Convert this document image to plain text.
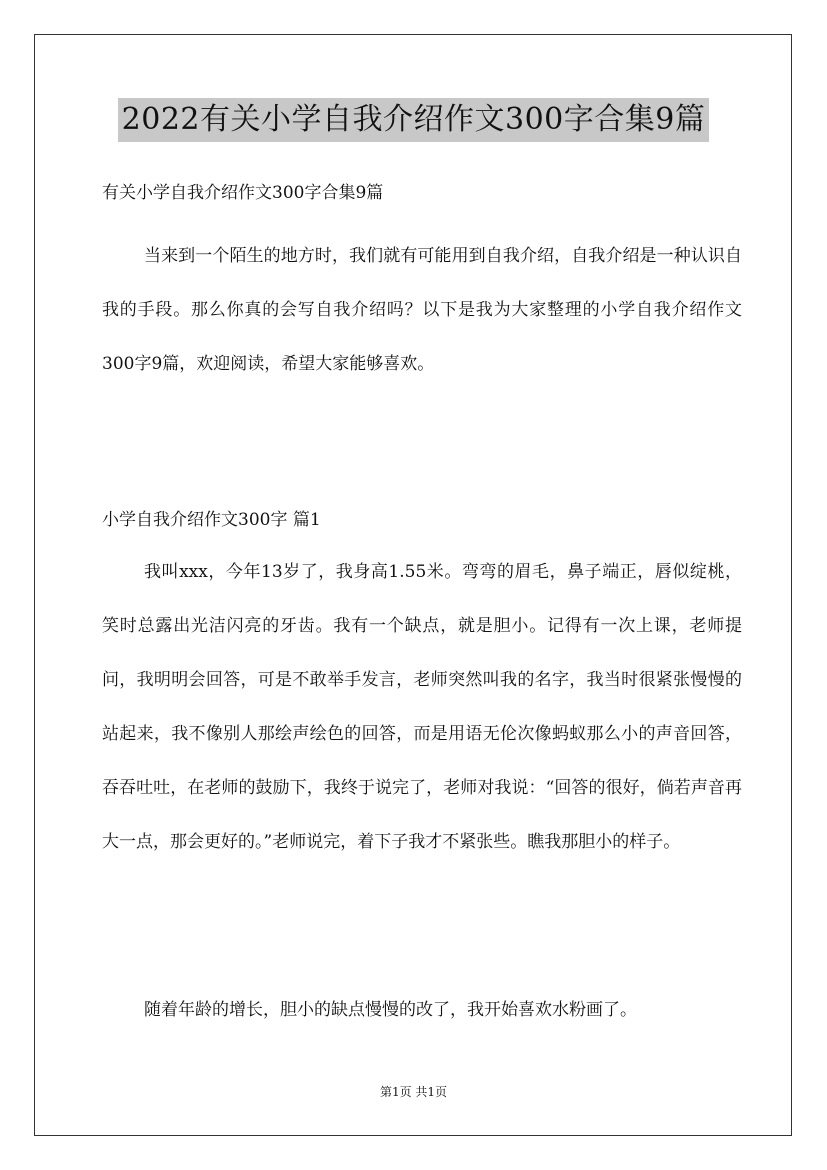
2022有关小学自我介绍作文300字合集9篇
有关小学自我介绍作文300字合集9篇

当来到一个陌生的地方时，我们就有可能用到自我介绍，自我介绍是一种认识自我的手段。那么你真的会写自我介绍吗？以下是我为大家整理的小学自我介绍作文300字9篇，欢迎阅读，希望大家能够喜欢。

小学自我介绍作文300字 篇1

我叫xxx，今年13岁了，我身高1.55米。弯弯的眉毛，鼻子端正，唇似绽桃，笑时总露出光洁闪亮的牙齿。我有一个缺点，就是胆小。记得有一次上课，老师提问，我明明会回答，可是不敢举手发言，老师突然叫我的名字，我当时很紧张慢慢的站起来，我不像别人那绘声绘色的回答，而是用语无伦次像蚂蚁那么小的声音回答，吞吞吐吐，在老师的鼓励下，我终于说完了，老师对我说：“回答的很好，倘若声音再大一点，那会更好的。”老师说完，着下子我才不紧张些。瞧我那胆小的样子。

随着年龄的增长，胆小的缺点慢慢的改了，我开始喜欢水粉画了。

第1页 共1页
